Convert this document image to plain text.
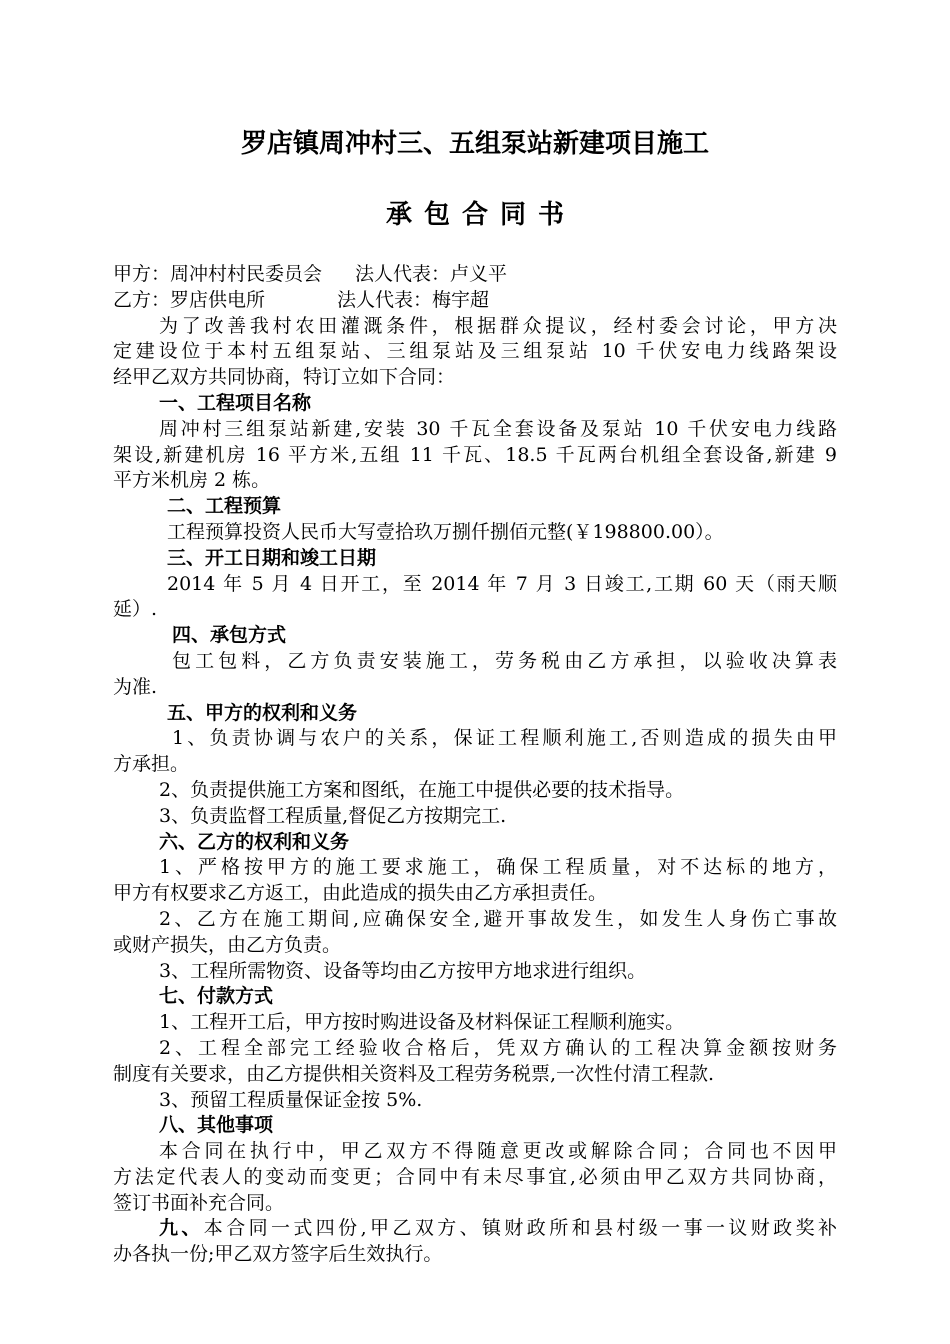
罗店镇周冲村三、五组泵站新建项目施工
承包合同书
甲方：周冲村村民委员会 法人代表：卢义平
乙方：罗店供电所	法人代表：梅宇超
为了改善我村农田灌溉条件，根据群众提议，经村委会讨论，甲方决
定建设位于本村五组泵站、三组泵站及三组泵站 10 千伏安电力线路架设
经甲乙双方共同协商，特订立如下合同：
一、工程项目名称
周冲村三组泵站新建,安装 30 千瓦全套设备及泵站 10 千伏安电力线路
架设,新建机房 16 平方米,五组 11 千瓦、18.5 千瓦两台机组全套设备,新建 9
平方米机房 2 栋。
二、工程预算
工程预算投资人民币大写壹拾玖万捌仟捌佰元整(￥198800.00）。
三、开工日期和竣工日期
2014 年 5 月 4 日开工，至 2014 年 7 月 3 日竣工,工期 60 天（雨天顺
延）.
四、承包方式
包工包料，乙方负责安装施工，劳务税由乙方承担，以验收决算表
为准.
五、甲方的权利和义务
1、负责协调与农户的关系，保证工程顺利施工,否则造成的损失由甲
方承担。
2、负责提供施工方案和图纸，在施工中提供必要的技术指导。
3、负责监督工程质量,督促乙方按期完工.
六、乙方的权利和义务
1、严格按甲方的施工要求施工，确保工程质量，对不达标的地方，
甲方有权要求乙方返工，由此造成的损失由乙方承担责任。
2、乙方在施工期间,应确保安全,避开事故发生，如发生人身伤亡事故
或财产损失，由乙方负责。
3、工程所需物资、设备等均由乙方按甲方地求进行组织。
七、付款方式
1、工程开工后，甲方按时购进设备及材料保证工程顺利施实。
2、工程全部完工经验收合格后，凭双方确认的工程决算金额按财务
制度有关要求，由乙方提供相关资料及工程劳务税票,一次性付清工程款.
3、预留工程质量保证金按 5%.
八、其他事项
本合同在执行中，甲乙双方不得随意更改或解除合同；合同也不因甲
方法定代表人的变动而变更；合同中有未尽事宜,必须由甲乙双方共同协商，
签订书面补充合同。
九、本合同一式四份,甲乙双方、镇财政所和县村级一事一议财政奖补
办各执一份;甲乙双方签字后生效执行。
